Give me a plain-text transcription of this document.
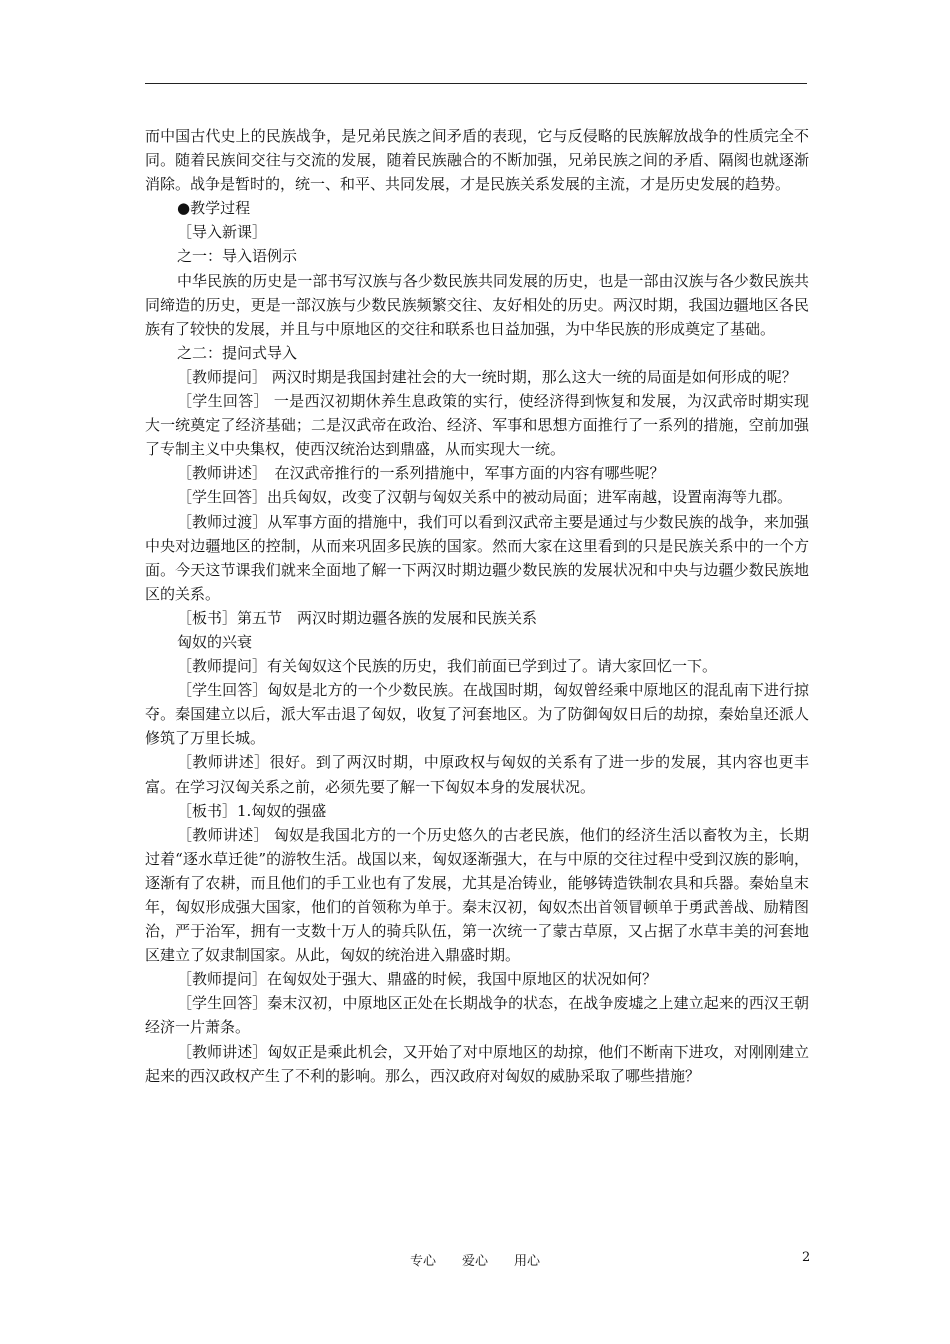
而中国古代史上的民族战争，是兄弟民族之间矛盾的表现，它与反侵略的民族解放战争的性质完全不同。随着民族间交往与交流的发展，随着民族融合的不断加强，兄弟民族之间的矛盾、隔阂也就逐渐消除。战争是暂时的，统一、和平、共同发展，才是民族关系发展的主流，才是历史发展的趋势。

●教学过程

［导入新课］

之一：导入语例示

中华民族的历史是一部书写汉族与各少数民族共同发展的历史，也是一部由汉族与各少数民族共同缔造的历史，更是一部汉族与少数民族频繁交往、友好相处的历史。两汉时期，我国边疆地区各民族有了较快的发展，并且与中原地区的交往和联系也日益加强，为中华民族的形成奠定了基础。

之二：提问式导入

［教师提问］ 两汉时期是我国封建社会的大一统时期，那么这大一统的局面是如何形成的呢？

［学生回答］ 一是西汉初期休养生息政策的实行，使经济得到恢复和发展，为汉武帝时期实现大一统奠定了经济基础；二是汉武帝在政治、经济、军事和思想方面推行了一系列的措施，空前加强了专制主义中央集权，使西汉统治达到鼎盛，从而实现大一统。

［教师讲述］　在汉武帝推行的一系列措施中，军事方面的内容有哪些呢？

［学生回答］出兵匈奴，改变了汉朝与匈奴关系中的被动局面；进军南越，设置南海等九郡。

［教师过渡］从军事方面的措施中，我们可以看到汉武帝主要是通过与少数民族的战争，来加强中央对边疆地区的控制，从而来巩固多民族的国家。然而大家在这里看到的只是民族关系中的一个方面。今天这节课我们就来全面地了解一下两汉时期边疆少数民族的发展状况和中央与边疆少数民族地区的关系。

［板书］第五节　两汉时期边疆各族的发展和民族关系

匈奴的兴衰

［教师提问］有关匈奴这个民族的历史，我们前面已学到过了。请大家回忆一下。

［学生回答］匈奴是北方的一个少数民族。在战国时期，匈奴曾经乘中原地区的混乱南下进行掠夺。秦国建立以后，派大军击退了匈奴，收复了河套地区。为了防御匈奴日后的劫掠，秦始皇还派人修筑了万里长城。

［教师讲述］很好。到了两汉时期，中原政权与匈奴的关系有了进一步的发展，其内容也更丰富。在学习汉匈关系之前，必须先要了解一下匈奴本身的发展状况。

［板书］1.匈奴的强盛

［教师讲述］ 匈奴是我国北方的一个历史悠久的古老民族，他们的经济生活以畜牧为主，长期过着“逐水草迁徙”的游牧生活。战国以来，匈奴逐渐强大，在与中原的交往过程中受到汉族的影响，逐渐有了农耕，而且他们的手工业也有了发展，尤其是冶铸业，能够铸造铁制农具和兵器。秦始皇末年，匈奴形成强大国家，他们的首领称为单于。秦末汉初，匈奴杰出首领冒顿单于勇武善战、励精图治，严于治军，拥有一支数十万人的骑兵队伍，第一次统一了蒙古草原，又占据了水草丰美的河套地区建立了奴隶制国家。从此，匈奴的统治进入鼎盛时期。

［教师提问］在匈奴处于强大、鼎盛的时候，我国中原地区的状况如何？

［学生回答］秦末汉初，中原地区正处在长期战争的状态，在战争废墟之上建立起来的西汉王朝经济一片萧条。

［教师讲述］匈奴正是乘此机会，又开始了对中原地区的劫掠，他们不断南下进攻，对刚刚建立起来的西汉政权产生了不利的影响。那么，西汉政府对匈奴的威胁采取了哪些措施？

专心　　爱心　　用心	2
